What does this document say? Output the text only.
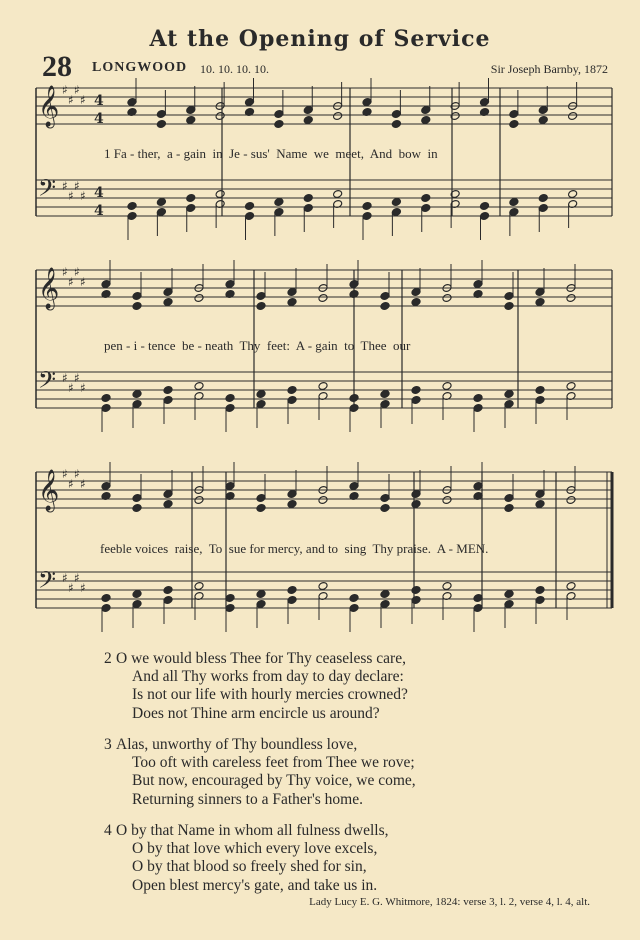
At the Opening of Service
28 LONGWOOD 10. 10. 10. 10.	Sir Joseph Barnby, 1872
𝄞 ♯
♯
♯
♯ 4
4
𝄢 ♯
♯
♯
♯ 4
4
𝄞 ♯
♯
♯
♯
𝄢 ♯
♯
♯
♯
𝄞 ♯
♯
♯
♯
𝄢 ♯
♯
♯
♯
1 Fa - ther,  a - gain  in  Je - sus'  Name  we  meet,  And  bow  in
pen - i - tence  be - neath  Thy  feet:  A - gain  to  Thee  our
feeble voices  raise,  To  sue for mercy, and to  sing  Thy praise.  A - MEN.
2 O we would bless Thee for Thy ceaseless care,
And all Thy works from day to day declare:
Is not our life with hourly mercies crowned?
Does not Thine arm encircle us around?
3 Alas, unworthy of Thy boundless love,
Too oft with careless feet from Thee we rove;
But now, encouraged by Thy voice, we come,
Returning sinners to a Father's home.
4 O by that Name in whom all fulness dwells,
O by that love which every love excels,
O by that blood so freely shed for sin,
Open blest mercy's gate, and take us in.
Lady Lucy E. G. Whitmore, 1824: verse 3, l. 2, verse 4, l. 4, alt.
